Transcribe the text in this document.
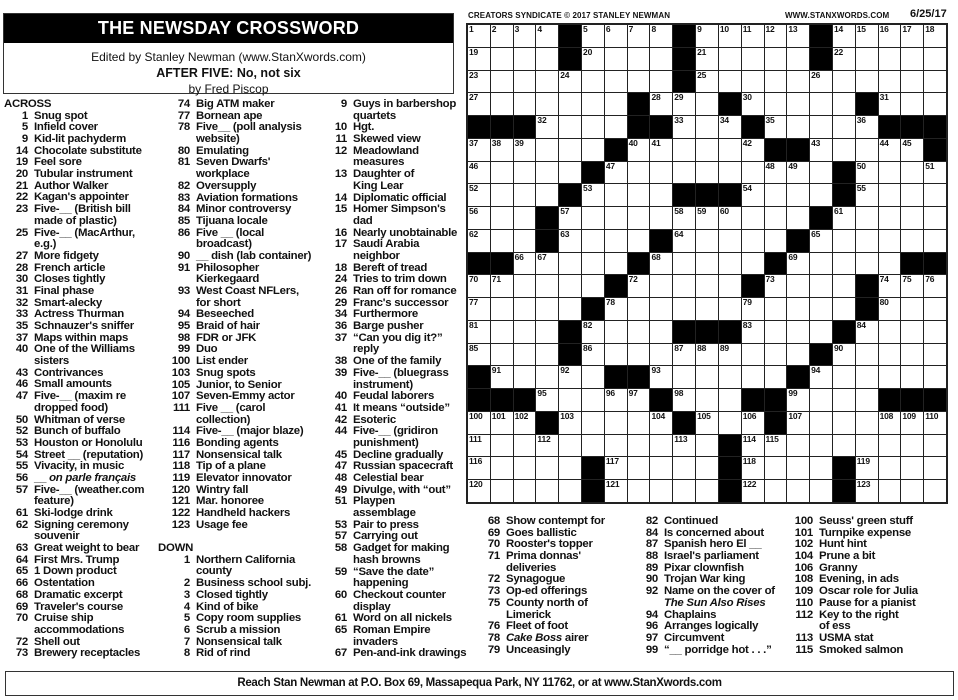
THE NEWSDAY CROSSWORD
Edited by Stanley Newman (www.StanXwords.com)
AFTER FIVE: No, not six
by Fred Piscop
ACROSS
1 Snug spot
5 Infield cover
9 Kid-lit pachyderm
14 Chocolate substitute
19 Feel sore
20 Tubular instrument
21 Author Walker
22 Kagan's appointer
23 Five-__ (British bill
made of plastic)
25 Five-__ (MacArthur,
e.g.)
27 More fidgety
28 French article
30 Closes tightly
31 Final phase
32 Smart-alecky
33 Actress Thurman
35 Schnauzer's sniffer
37 Maps within maps
40 One of the Williams
sisters
43 Contrivances
46 Small amounts
47 Five-__ (maxim re
dropped food)
50 Whitman of verse
52 Bunch of buffalo
53 Houston or Honolulu
54 Street __ (reputation)
55 Vivacity, in music
56 __ on parle français
57 Five-__ (weather.com
feature)
61 Ski-lodge drink
62 Signing ceremony
souvenir
63 Great weight to bear
64 First Mrs. Trump
65 1 Down product
66 Ostentation
68 Dramatic excerpt
69 Traveler's course
70 Cruise ship
accommodations
72 Shell out
73 Brewery receptacles
74 Big ATM maker
77 Bornean ape
78 Five__ (poll analysis
website)
80 Emulating
81 Seven Dwarfs'
workplace
82 Oversupply
83 Aviation formations
84 Minor controversy
85 Tijuana locale
86 Five __ (local
broadcast)
90 __ dish (lab container)
91 Philosopher
Kierkegaard
93 West Coast NFLers,
for short
94 Beseeched
95 Braid of hair
98 FDR or JFK
99 Duo
100 List ender
103 Snug spots
105 Junior, to Senior
107 Seven-Emmy actor
111 Five __ (carol
collection)
114 Five-__ (major blaze)
116 Bonding agents
117 Nonsensical talk
118 Tip of a plane
119 Elevator innovator
120 Wintry fall
121 Mar. honoree
122 Handheld hackers
123 Usage fee
DOWN
1 Northern California
county
2 Business school subj.
3 Closed tightly
4 Kind of bike
5 Copy room supplies
6 Scrub a mission
7 Nonsensical talk
8 Rid of rind
9 Guys in barbershop
quartets
10 Hgt.
11 Skewed view
12 Meadowland
measures
13 Daughter of
King Lear
14 Diplomatic official
15 Homer Simpson's
dad
16 Nearly unobtainable
17 Saudi Arabia
neighbor
18 Bereft of tread
24 Tries to trim down
26 Ran off for romance
29 Franc's successor
34 Furthermore
36 Barge pusher
37 “Can you dig it?”
reply
38 One of the family
39 Five-__ (bluegrass
instrument)
40 Feudal laborers
41 It means “outside”
42 Esoteric
44 Five-__ (gridiron
punishment)
45 Decline gradually
47 Russian spacecraft
48 Celestial bear
49 Divulge, with “out”
51 Playpen
assemblage
53 Pair to press
57 Carrying out
58 Gadget for making
hash browns
59 “Save the date”
happening
60 Checkout counter
display
61 Word on all nickels
65 Roman Empire
invaders
67 Pen-and-ink drawings
68 Show contempt for
69 Goes ballistic
70 Rooster's topper
71 Prima donnas'
deliveries
72 Synagogue
73 Op-ed offerings
75 County north of
Limerick
76 Fleet of foot
78 Cake Boss airer
79 Unceasingly
82 Continued
84 Is concerned about
87 Spanish hero El __
88 Israel's parliament
89 Pixar clownfish
90 Trojan War king
92 Name on the cover of
The Sun Also Rises
94 Chaplains
96 Arranges logically
97 Circumvent
99 “__ porridge hot . . .”
100 Seuss' green stuff
101 Turnpike expense
102 Hunt hint
104 Prune a bit
106 Granny
108 Evening, in ads
109 Oscar role for Julia
110 Pause for a pianist
112 Key to the right
of ess
113 USMA stat
115 Smoked salmon
CREATORS SYNDICATE © 2017 STANLEY NEWMAN	WWW.STANXWORDS.COM 6/25/17
1 2 3 4	5 6 7 8	9 10 11 12 13	14 15 16 17 18
19	20	21	22
23	24	25	26
27	28 29	30	31
32	33	34	35	36
37 38 39	40 41	42	43	44 45
46	47	48 49	50	51
52	53	54	55
56	57	58 59 60	61
62	63	64	65
66 67	68	69
70 71	72	73	74 75 76
77	78	79	80
81	82	83	84
85	86	87 88 89	90
91	92	93	94
95	96 97	98	99
100 101 102	103	104	105	106	107	108 109 110
111	112	113	114 115
116	117	118	119
120	121	122	123
Reach Stan Newman at P.O. Box 69, Massapequa Park, NY 11762, or at www.StanXwords.com
